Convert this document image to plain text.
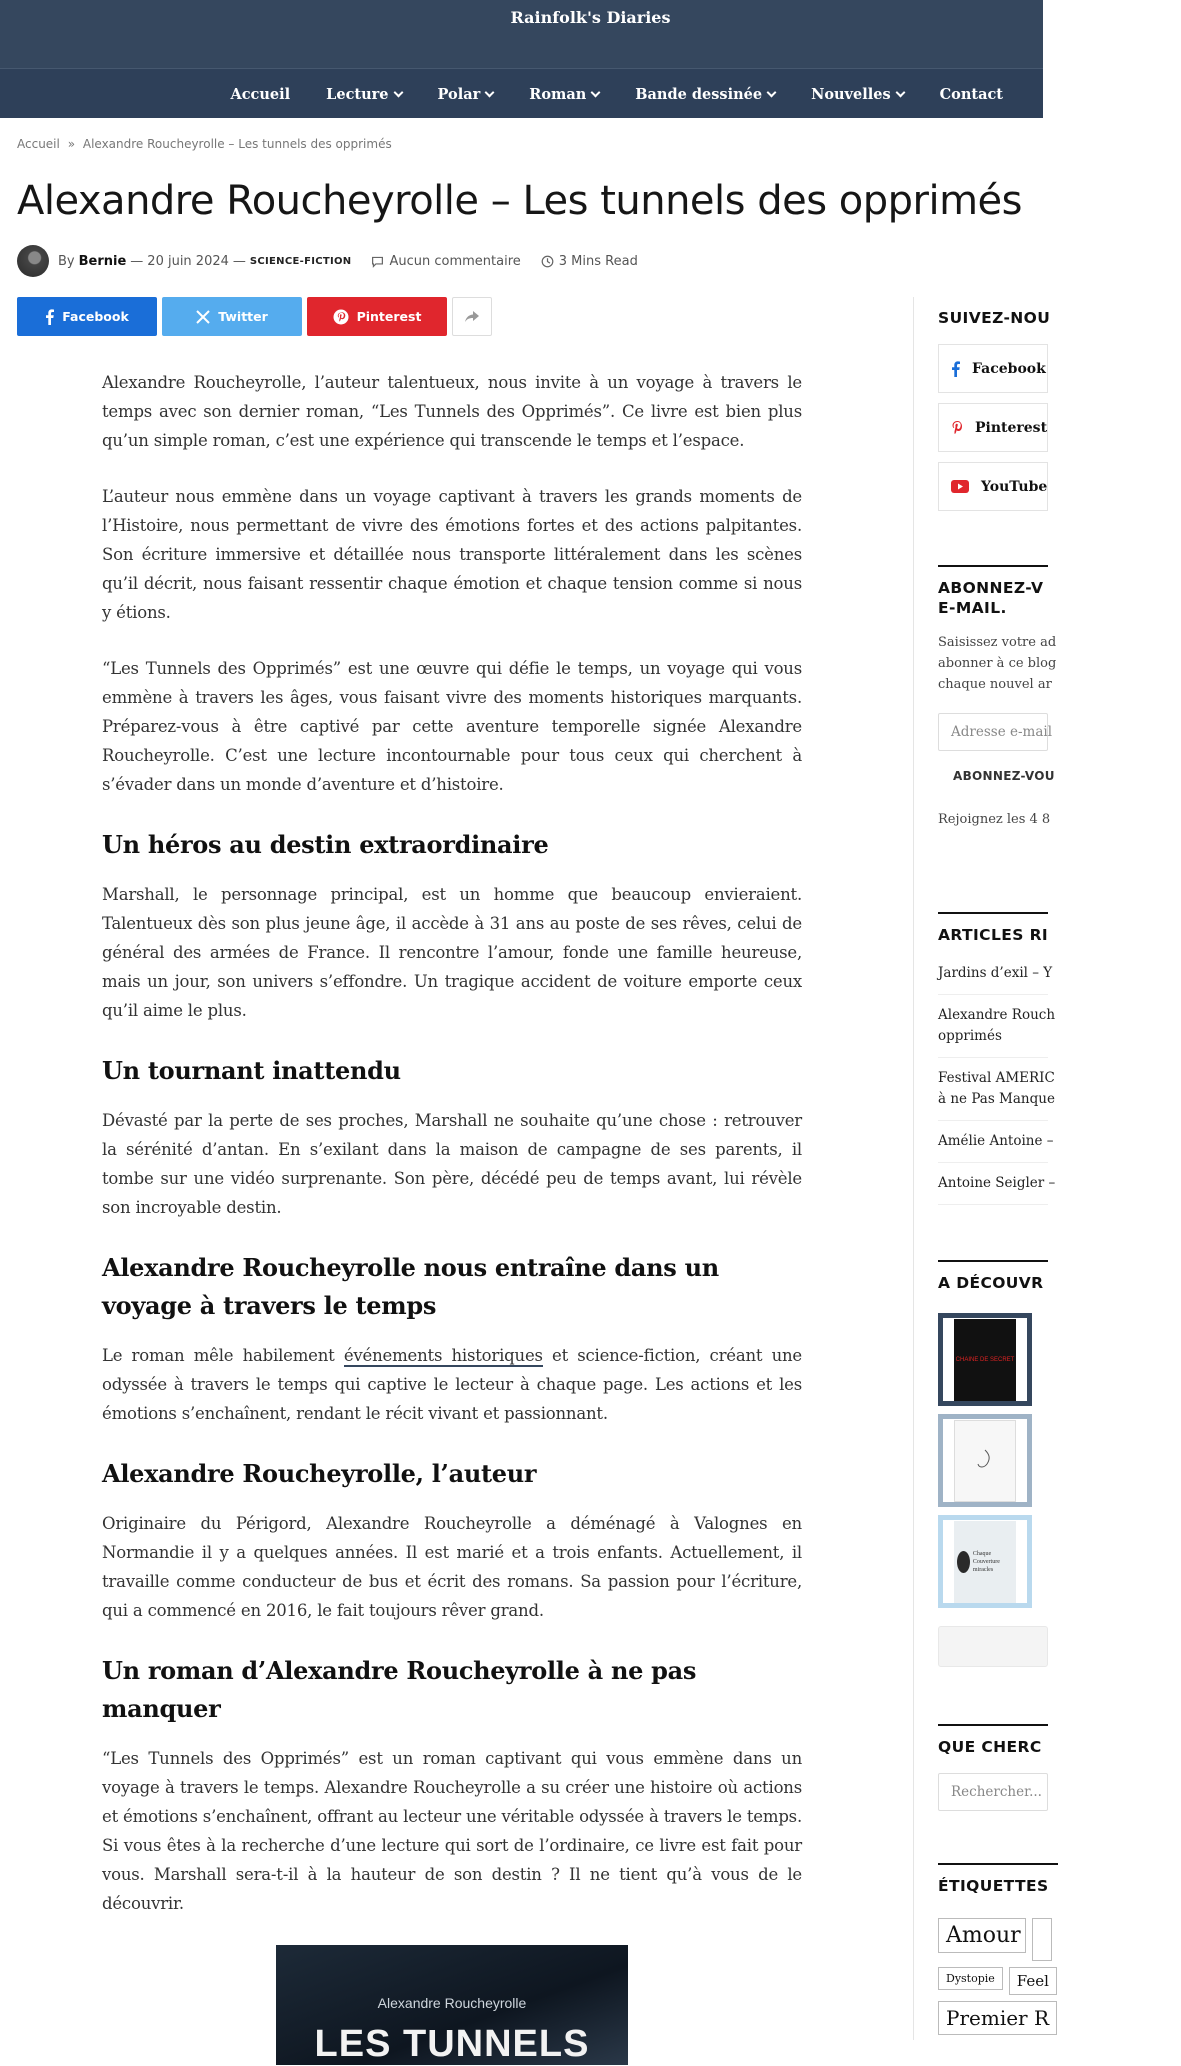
Rainfolk's Diaries
Accueil Lecture	Polar	Roman	Bande dessinée	Nouvelles	Contact
Accueil » Alexandre Roucheyrolle – Les tunnels des opprimés
Alexandre Roucheyrolle – Les tunnels des opprimés
By Bernie — 20 juin 2024 — SCIENCE-FICTION	Aucun commentaire	3 Mins Read
Facebook	Twitter	Pinterest

Alexandre Roucheyrolle, l’auteur talentueux, nous invite à un voyage à travers le temps avec son dernier roman, “Les Tunnels des Opprimés”. Ce livre est bien plus qu’un simple roman, c’est une expérience qui transcende le temps et l’espace.

L’auteur nous emmène dans un voyage captivant à travers les grands moments de l’Histoire, nous permettant de vivre des émotions fortes et des actions palpitantes. Son écriture immersive et détaillée nous transporte littéralement dans les scènes qu’il décrit, nous faisant ressentir chaque émotion et chaque tension comme si nous y étions.

“Les Tunnels des Opprimés” est une œuvre qui défie le temps, un voyage qui vous emmène à travers les âges, vous faisant vivre des moments historiques marquants. Préparez-vous à être captivé par cette aventure temporelle signée Alexandre Roucheyrolle. C’est une lecture incontournable pour tous ceux qui cherchent à s’évader dans un monde d’aventure et d’histoire.

Un héros au destin extraordinaire

Marshall, le personnage principal, est un homme que beaucoup envieraient. Talentueux dès son plus jeune âge, il accède à 31 ans au poste de ses rêves, celui de général des armées de France. Il rencontre l’amour, fonde une famille heureuse, mais un jour, son univers s’effondre. Un tragique accident de voiture emporte ceux qu’il aime le plus.

Un tournant inattendu

Dévasté par la perte de ses proches, Marshall ne souhaite qu’une chose : retrouver la sérénité d’antan. En s’exilant dans la maison de campagne de ses parents, il tombe sur une vidéo surprenante. Son père, décédé peu de temps avant, lui révèle son incroyable destin.

Alexandre Roucheyrolle nous entraîne dans un voyage à travers le temps

Le roman mêle habilement événements historiques et science-fiction, créant une odyssée à travers le temps qui captive le lecteur à chaque page. Les actions et les émotions s’enchaînent, rendant le récit vivant et passionnant.

Alexandre Roucheyrolle, l’auteur

Originaire du Périgord, Alexandre Roucheyrolle a déménagé à Valognes en Normandie il y a quelques années. Il est marié et a trois enfants. Actuellement, il travaille comme conducteur de bus et écrit des romans. Sa passion pour l’écriture, qui a commencé en 2016, le fait toujours rêver grand.

Un roman d’Alexandre Roucheyrolle à ne pas manquer

“Les Tunnels des Opprimés” est un roman captivant qui vous emmène dans un voyage à travers le temps. Alexandre Roucheyrolle a su créer une histoire où actions et émotions s’enchaînent, offrant au lecteur une véritable odyssée à travers le temps. Si vous êtes à la recherche d’une lecture qui sort de l’ordinaire, ce livre est fait pour vous. Marshall sera-t-il à la hauteur de son destin ? Il ne tient qu’à vous de le découvrir.

Alexandre Roucheyrolle
LES TUNNELS
SUIVEZ-NOU
Facebook
Pinterest
YouTube
ABONNEZ-V
E-MAIL.
Saisissez votre ad
abonner à ce blog
chaque nouvel ar
Adresse e-mail
ABONNEZ-VOU
Rejoignez les 4 8
ARTICLES RI
Jardins d’exil – Y
Alexandre Rouch
opprimés
Festival AMERIC
à ne Pas Manque
Amélie Antoine –
Antoine Seigler –
A DÉCOUVR
CHAINE DE SECRET
Chaque Couverture miracles
QUE CHERC
Rechercher...
ÉTIQUETTES
Amour
Dystopie	Feel
Premier R
